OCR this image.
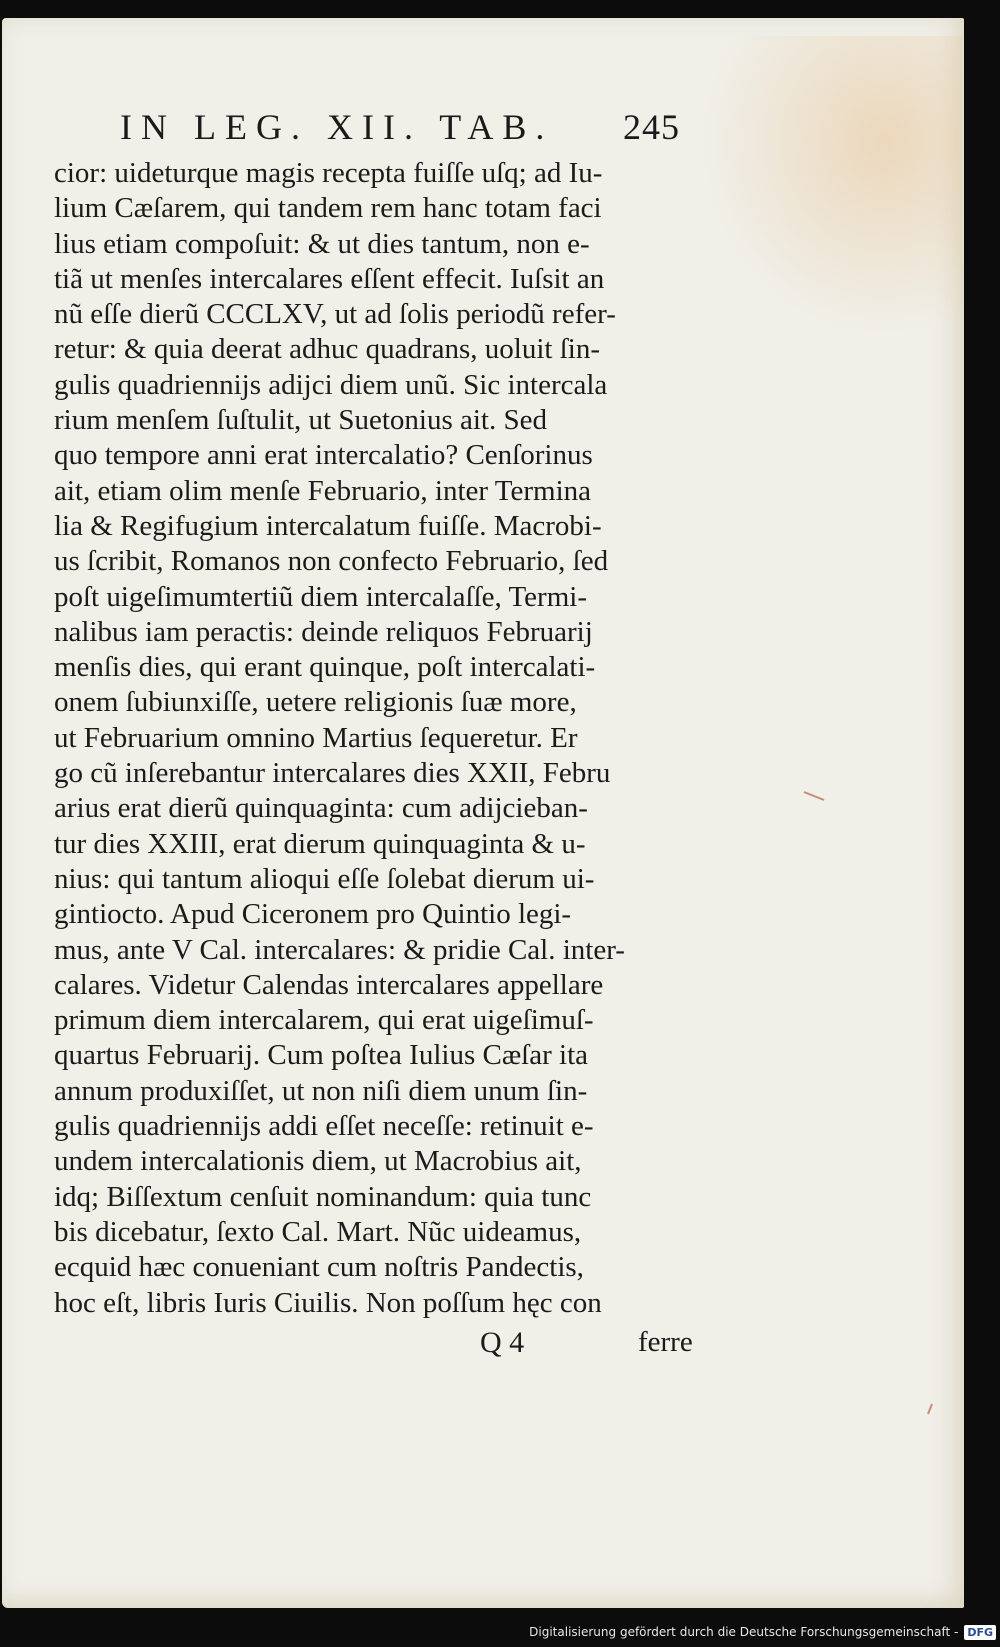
IN LEG. XII. TAB. 245
cior: uideturque magis recepta fuiſſe uſq; ad Iu-
lium Cæſarem, qui tandem rem hanc totam faci
lius etiam compoſuit: & ut dies tantum, non e-
tiã ut menſes intercalares eſſent effecit. Iuſsit an
nũ eſſe dierũ CCCLXV, ut ad ſolis periodũ refer-
retur: & quia deerat adhuc quadrans, uoluit ſin-
gulis quadriennijs adijci diem unũ. Sic intercala
rium menſem ſuſtulit, ut Suetonius ait. Sed
quo tempore anni erat intercalatio? Cenſorinus
ait, etiam olim menſe Februario, inter Termina
lia & Regifugium intercalatum fuiſſe. Macrobi-
us ſcribit, Romanos non confecto Februario, ſed
poſt uigeſimumtertiũ diem intercalaſſe, Termi-
nalibus iam peractis: deinde reliquos Februarij
menſis dies, qui erant quinque, poſt intercalati-
onem ſubiunxiſſe, uetere religionis ſuæ more,
ut Februarium omnino Martius ſequeretur. Er
go cũ inſerebantur intercalares dies XXII, Febru
arius erat dierũ quinquaginta: cum adijcieban-
tur dies XXIII, erat dierum quinquaginta & u-
nius: qui tantum alioqui eſſe ſolebat dierum ui-
gintiocto. Apud Ciceronem pro Quintio legi-
mus, ante V Cal. intercalares: & pridie Cal. inter-
calares. Videtur Calendas intercalares appellare
primum diem intercalarem, qui erat uigeſimuſ-
quartus Februarij. Cum poſtea Iulius Cæſar ita
annum produxiſſet, ut non niſi diem unum ſin-
gulis quadriennijs addi eſſet neceſſe: retinuit e-
undem intercalationis diem, ut Macrobius ait,
idq; Biſſextum cenſuit nominandum: quia tunc
bis dicebatur, ſexto Cal. Mart. Nũc uideamus,
ecquid hæc conueniant cum noſtris Pandectis,
hoc eſt, libris Iuris Ciuilis. Non poſſum hęc con
Q 4	ferre
Digitalisierung gefördert durch die Deutsche Forschungsgemeinschaft - DFG
